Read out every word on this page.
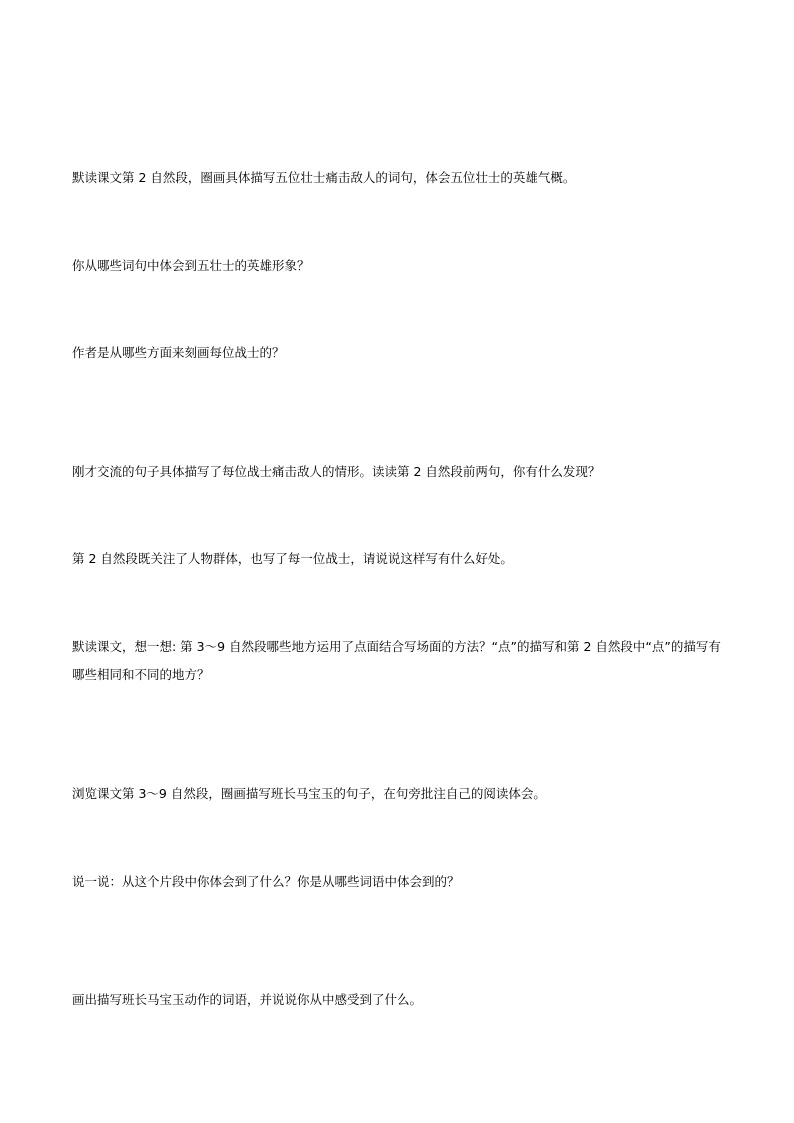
默读课文第 2 自然段，圈画具体描写五位壮士痛击敌人的词句，体会五位壮士的英雄气概。

你从哪些词句中体会到五壮士的英雄形象？

作者是从哪些方面来刻画每位战士的？

刚才交流的句子具体描写了每位战士痛击敌人的情形。读读第 2 自然段前两句，你有什么发现？

第 2 自然段既关注了人物群体，也写了每一位战士，请说说这样写有什么好处。

默读课文，想一想: 第 3～9 自然段哪些地方运用了点面结合写场面的方法？“点”的描写和第 2 自然段中“点”的描写有哪些相同和不同的地方？

浏览课文第 3～9 自然段，圈画描写班长马宝玉的句子，在句旁批注自己的阅读体会。

说一说：从这个片段中你体会到了什么？你是从哪些词语中体会到的？

画出描写班长马宝玉动作的词语，并说说你从中感受到了什么。
